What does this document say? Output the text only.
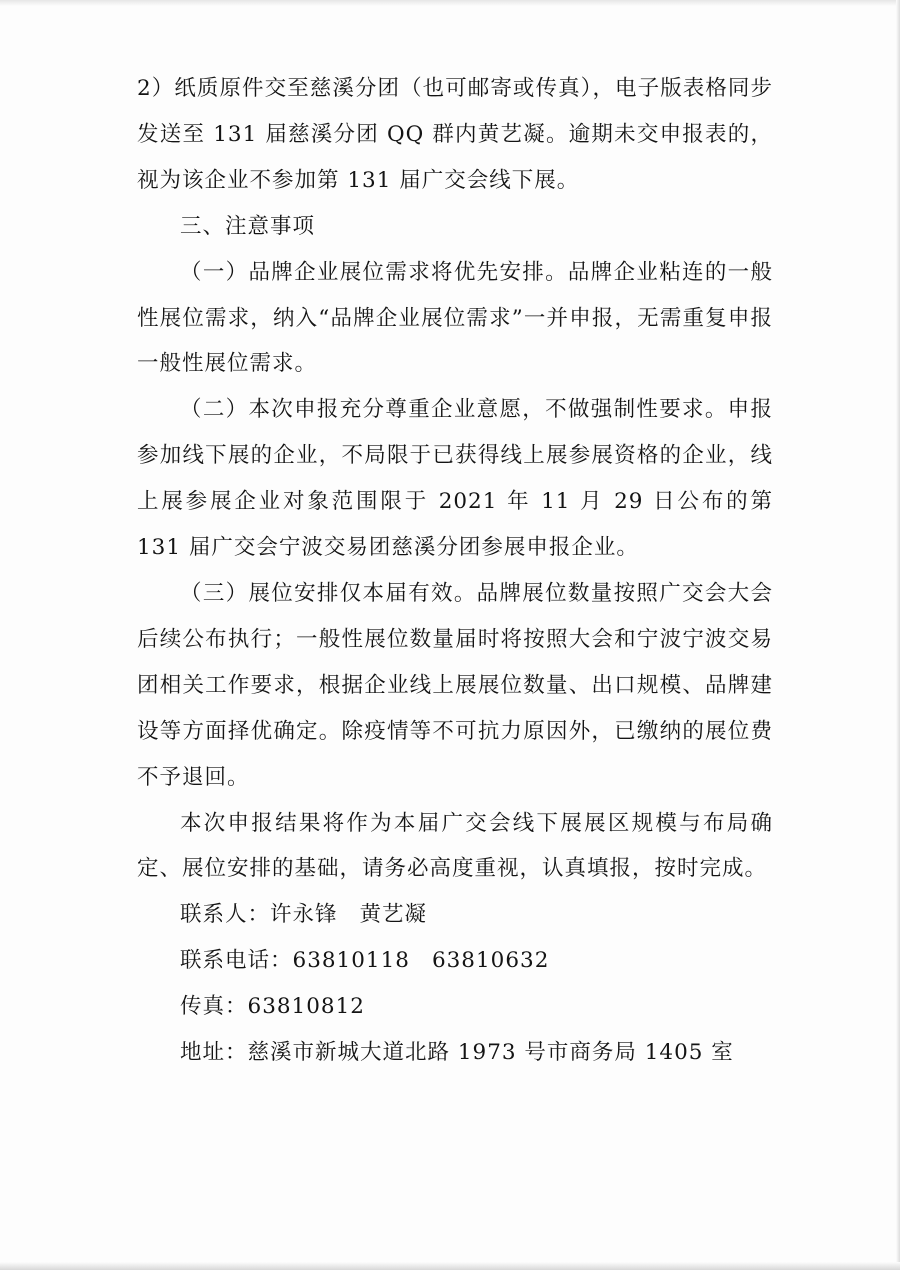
2）纸质原件交至慈溪分团（也可邮寄或传真），电子版表格同步发送至 131 届慈溪分团 QQ 群内黄艺凝。逾期未交申报表的，视为该企业不参加第 131 届广交会线下展。

三、注意事项

（一）品牌企业展位需求将优先安排。品牌企业粘连的一般性展位需求，纳入“品牌企业展位需求”一并申报，无需重复申报一般性展位需求。

（二）本次申报充分尊重企业意愿，不做强制性要求。申报参加线下展的企业，不局限于已获得线上展参展资格的企业，线上展参展企业对象范围限于 2021 年 11 月 29 日公布的第 131 届广交会宁波交易团慈溪分团参展申报企业。

（三）展位安排仅本届有效。品牌展位数量按照广交会大会后续公布执行；一般性展位数量届时将按照大会和宁波宁波交易团相关工作要求，根据企业线上展展位数量、出口规模、品牌建设等方面择优确定。除疫情等不可抗力原因外，已缴纳的展位费不予退回。

本次申报结果将作为本届广交会线下展展区规模与布局确定、展位安排的基础，请务必高度重视，认真填报，按时完成。

联系人：许永锋 黄艺凝
联系电话：63810118 63810632
传真：63810812
地址：慈溪市新城大道北路 1973 号市商务局 1405 室
